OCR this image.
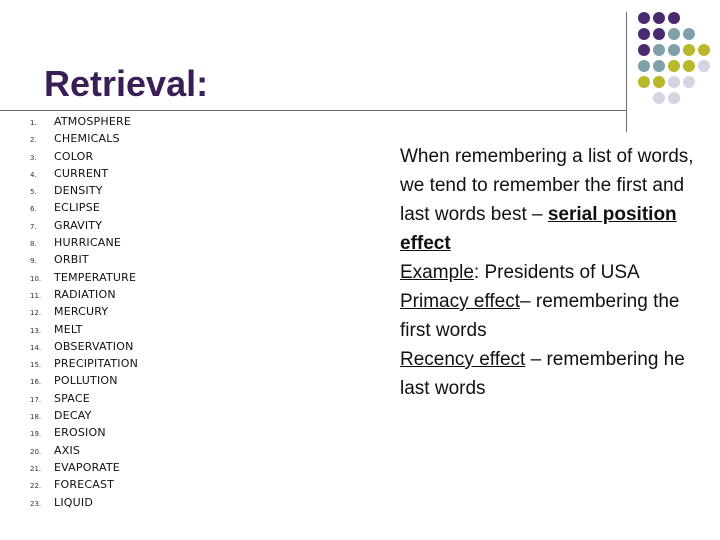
Retrieval:
1. ATMOSPHERE
2. CHEMICALS
3. COLOR
4. CURRENT
5. DENSITY
6. ECLIPSE
7. GRAVITY
8. HURRICANE
9. ORBIT
10. TEMPERATURE
11. RADIATION
12. MERCURY
13. MELT
14. OBSERVATION
15. PRECIPITATION
16. POLLUTION
17. SPACE
18. DECAY
19. EROSION
20. AXIS
21. EVAPORATE
22. FORECAST
23. LIQUID

When remembering a list of words, we tend to remember the first and last words best – serial position effect

Example: Presidents of USA

Primacy effect– remembering the first words

Recency effect – remembering he last words
